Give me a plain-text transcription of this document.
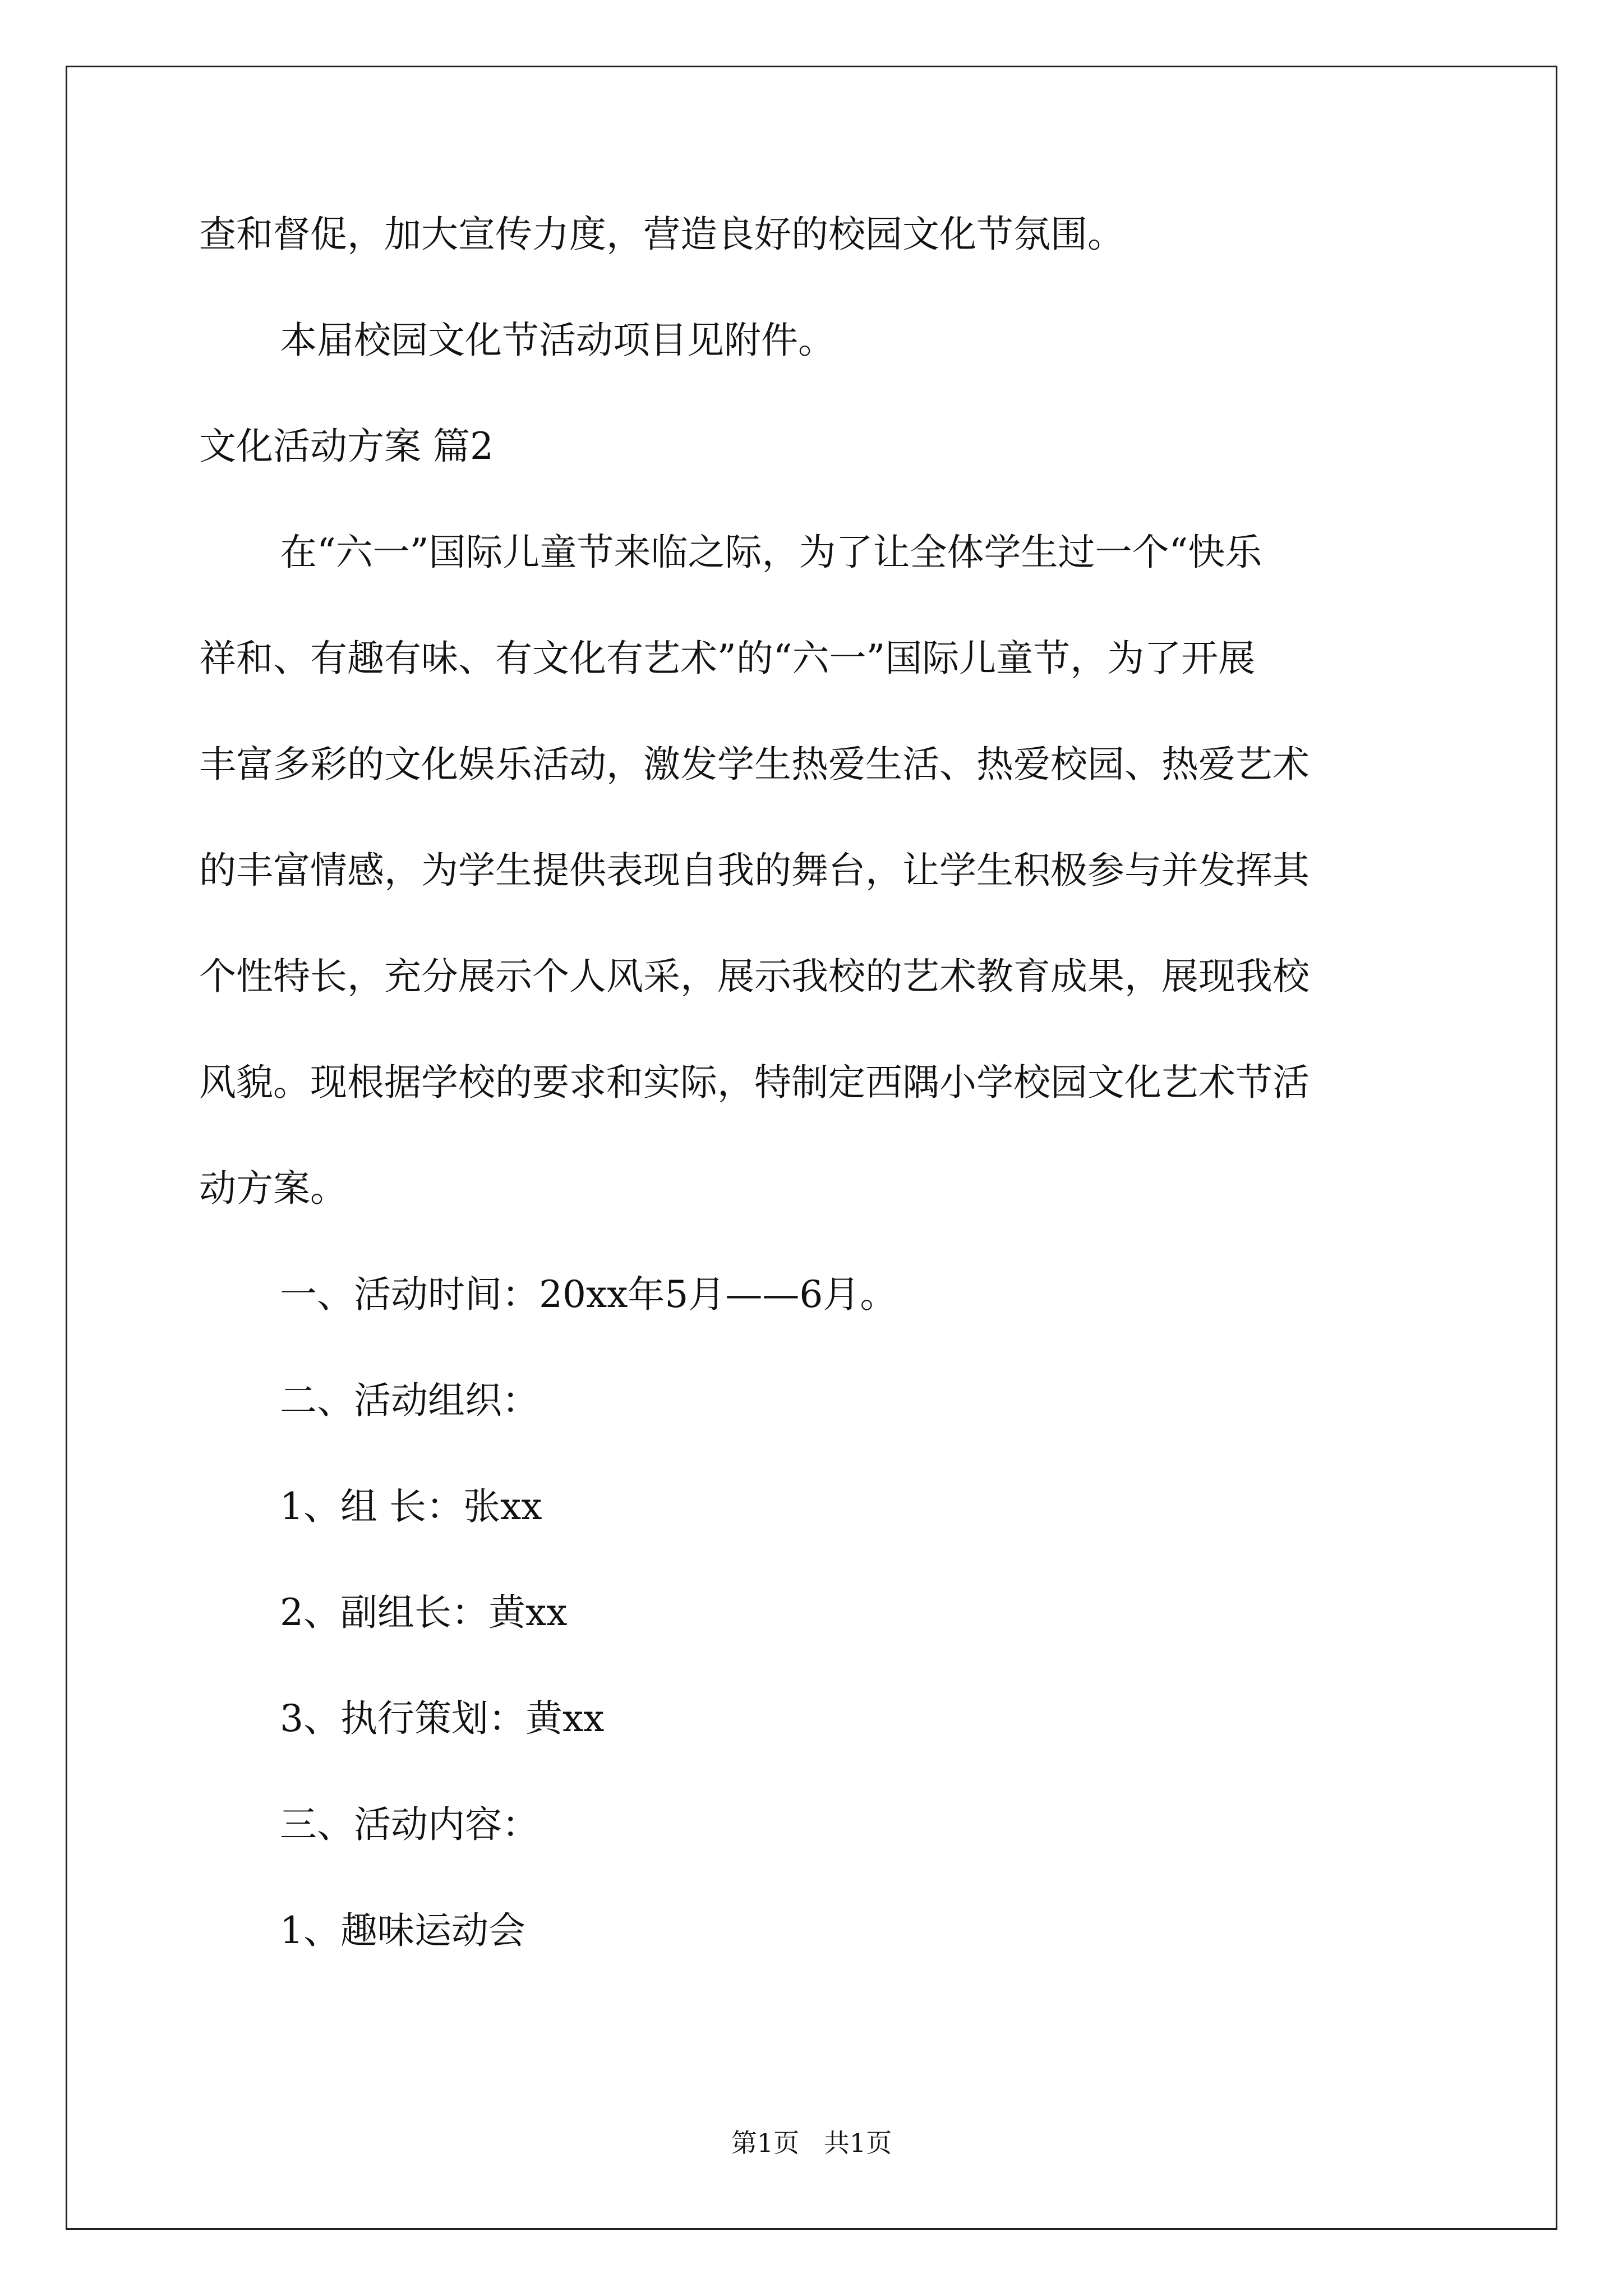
查和督促，加大宣传力度，营造良好的校园文化节氛围。

本届校园文化节活动项目见附件。

文化活动方案 篇2

在“六一”国际儿童节来临之际，为了让全体学生过一个“快乐

祥和、有趣有味、有文化有艺术”的“六一”国际儿童节，为了开展

丰富多彩的文化娱乐活动，激发学生热爱生活、热爱校园、热爱艺术

的丰富情感，为学生提供表现自我的舞台，让学生积极参与并发挥其

个性特长，充分展示个人风采，展示我校的艺术教育成果，展现我校

风貌。现根据学校的要求和实际，特制定西隅小学校园文化艺术节活

动方案。

一、活动时间：20xx年5月——6月。

二、活动组织：

1、组 长：张xx

2、副组长：黄xx

3、执行策划：黄xx

三、活动内容：

1、趣味运动会

第1页   共1页
